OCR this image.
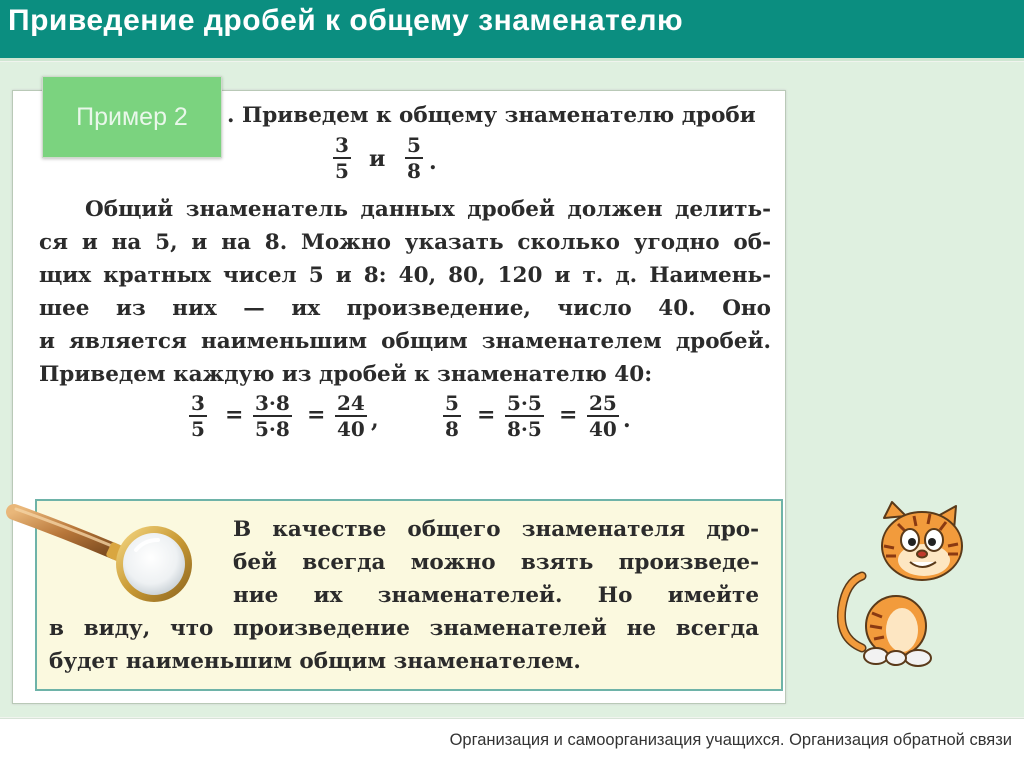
Приведение дробей к общему знаменателю
. Приведем к общему знаменателю дроби
$\frac{3}{5}$ и $\frac{5}{8}$ .
Общий знаменатель данных дробей должен делить-
ся и на 5, и на 8. Можно указать сколько угодно об-
щих кратных чисел 5 и 8: 40, 80, 120 и т. д. Наимень-
шее из них — их произведение, число 40. Оно
и является наименьшим общим знаменателем дробей.
Приведем каждую из дробей к знаменателю 40:
$\frac{3}{5} = \frac{3\cdot 8}{5\cdot 8} = \frac{24}{40}$ ,	$\frac{5}{8} = \frac{5\cdot 5}{8\cdot 5} = \frac{25}{40}$ .
В качестве общего знаменателя дро-
бей всегда можно взять произведе-
ние их знаменателей. Но имейте
в виду, что произведение знаменателей не всегда
будет наименьшим общим знаменателем.
Пример 2
Организация и самоорганизация учащихся. Организация обратной связи
